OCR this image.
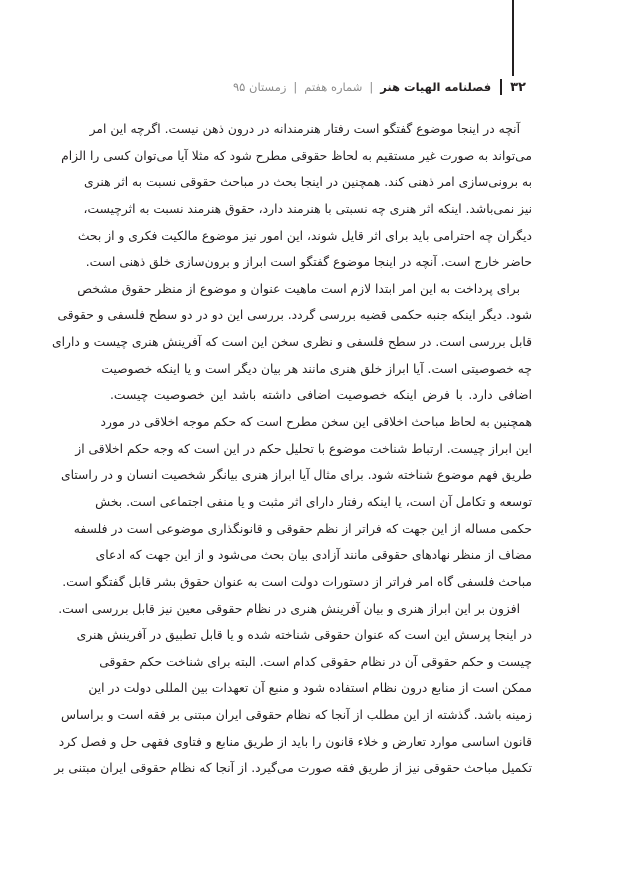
۳۲
فصلنامه الهیات هنر
|
شماره هفتم
|
زمستان ۹۵
آنچه در اینجا موضوع گفتگو است رفتار هنرمندانه در درون ذهن نیست. اگرچه این امر
می‌تواند به صورت غیر مستقیم به لحاظ حقوقی مطرح شود که مثلا آیا می‌توان کسی را الزام
به برونی‌سازی امر ذهنی کند. همچنین در اینجا بحث در مباحث حقوقی نسبت به اثر هنری
نیز نمی‌باشد. اینکه اثر هنری چه نسبتی با هنرمند دارد، حقوق هنرمند نسبت به اثرچیست،
دیگران چه احترامی باید برای اثر قایل شوند، این امور نیز موضوع مالکیت فکری و از بحث
حاضر خارج است. آنچه در اینجا موضوع گفتگو است ابراز و برون‌سازی خلق ذهنی است.
برای پرداخت به این امر ابتدا لازم است ماهیت عنوان و موضوع از منظر حقوق مشخص
شود. دیگر اینکه جنبه حکمی قضیه بررسی گردد. بررسی این دو در دو سطح فلسفی و حقوقی
قابل بررسی است. در سطح فلسفی و نظری سخن این است که آفرینش هنری چیست و دارای
چه خصوصیتی است. آیا ابراز خلق هنری مانند هر بیان دیگر است و یا اینکه خصوصیت
اضافی دارد. با فرض اینکه خصوصیت اضافی داشته باشد این خصوصیت چیست.
همچنین به لحاظ مباحث اخلاقی این سخن مطرح است که حکم موجه اخلاقی در مورد
این ابراز چیست. ارتباط شناخت موضوع با تحلیل حکم در این است که وجه حکم اخلاقی از
طریق فهم موضوع شناخته شود. برای مثال آیا ابراز هنری بیانگر شخصیت انسان و در راستای
توسعه و تکامل آن است، یا اینکه رفتار دارای اثر مثبت و یا منفی اجتماعی است. بخش
حکمی مساله از این جهت که فراتر از نظم حقوقی و قانونگذاری موضوعی است در فلسفه
مضاف از منظر نهادهای حقوقی مانند آزادی بیان بحث می‌شود و از این جهت که ادعای
مباحث فلسفی گاه امر فراتر از دستورات دولت است به عنوان حقوق بشر قابل گفتگو است.
افزون بر این ابراز هنری و بیان آفرینش هنری در نظام حقوقی معین نیز قابل بررسی است.
در اینجا پرسش این است که عنوان حقوقی شناخته شده و یا قابل تطبیق در آفرینش هنری
چیست و حکم حقوقی آن در نظام حقوقی کدام است. البته برای شناخت حکم حقوقی
ممکن است از منابع درون نظام استفاده شود و منبع آن تعهدات بین المللی دولت در این
زمینه باشد. گذشته از این مطلب از آنجا که نظام حقوقی ایران مبتنی بر فقه است و براساس
قانون اساسی موارد تعارض و خلاء قانون را باید از طریق منابع و فتاوی فقهی حل و فصل کرد
تکمیل مباحث حقوقی نیز از طریق فقه صورت می‌گیرد. از آنجا که نظام حقوقی ایران مبتنی بر
